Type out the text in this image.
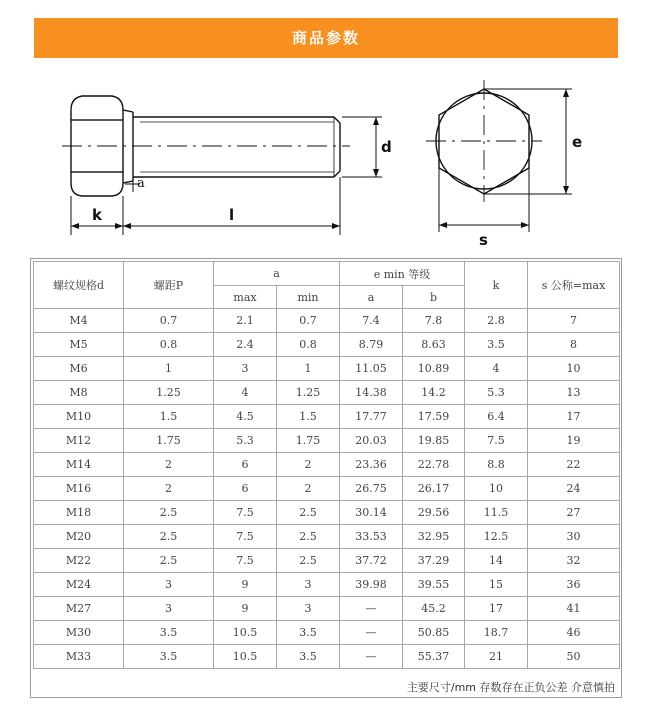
商品参数
d
k	l
e
s
a
螺纹规格d	螺距P	a		e min 等级		k	s 公称=max
		max	min	a	b		
M4	0.7	2.1	0.7	7.4	7.8	2.8	7
M5	0.8	2.4	0.8	8.79	8.63	3.5	8
M6	1	3	1	11.05	10.89	4	10
M8	1.25	4	1.25	14.38	14.2	5.3	13
M10	1.5	4.5	1.5	17.77	17.59	6.4	17
M12	1.75	5.3	1.75	20.03	19.85	7.5	19
M14	2	6	2	23.36	22.78	8.8	22
M16	2	6	2	26.75	26.17	10	24
M18	2.5	7.5	2.5	30.14	29.56	11.5	27
M20	2.5	7.5	2.5	33.53	32.95	12.5	30
M22	2.5	7.5	2.5	37.72	37.29	14	32
M24	3	9	3	39.98	39.55	15	36
M27	3	9	3	—	45.2	17	41
M30	3.5	10.5	3.5	—	50.85	18.7	46
M33	3.5	10.5	3.5	—	55.37	21	50
主要尺寸/mm 存数存在正负公差 介意慎拍
